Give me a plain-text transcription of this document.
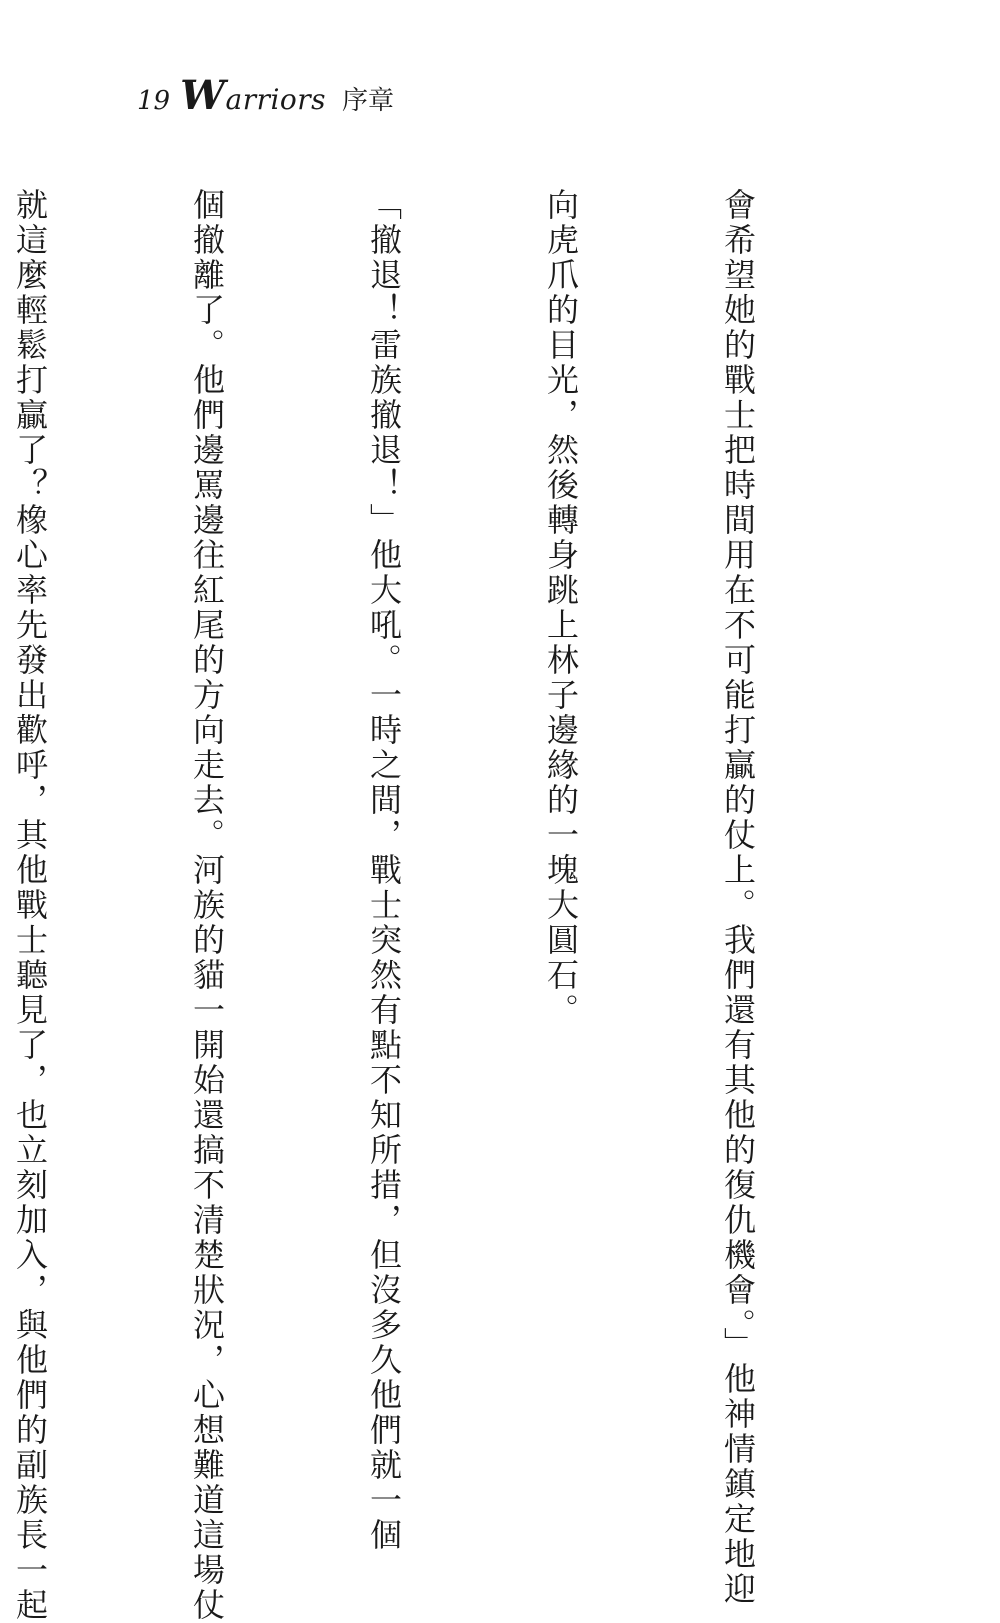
19 Warriors 序章

會希望她的戰士把時間用在不可能打贏的仗上。我們還有其他的復仇機會。」他神情鎮定地迎

向虎爪的目光，然後轉身跳上林子邊緣的一塊大圓石。

「撤退！雷族撤退！」他大吼。一時之間，戰士突然有點不知所措，但沒多久他們就一個

個撤離了。他們邊罵邊往紅尾的方向走去。河族的貓一開始還搞不清楚狀況，心想難道這場仗

就這麼輕鬆打贏了？橡心率先發出歡呼，其他戰士聽見了，也立刻加入，與他們的副族長一起
